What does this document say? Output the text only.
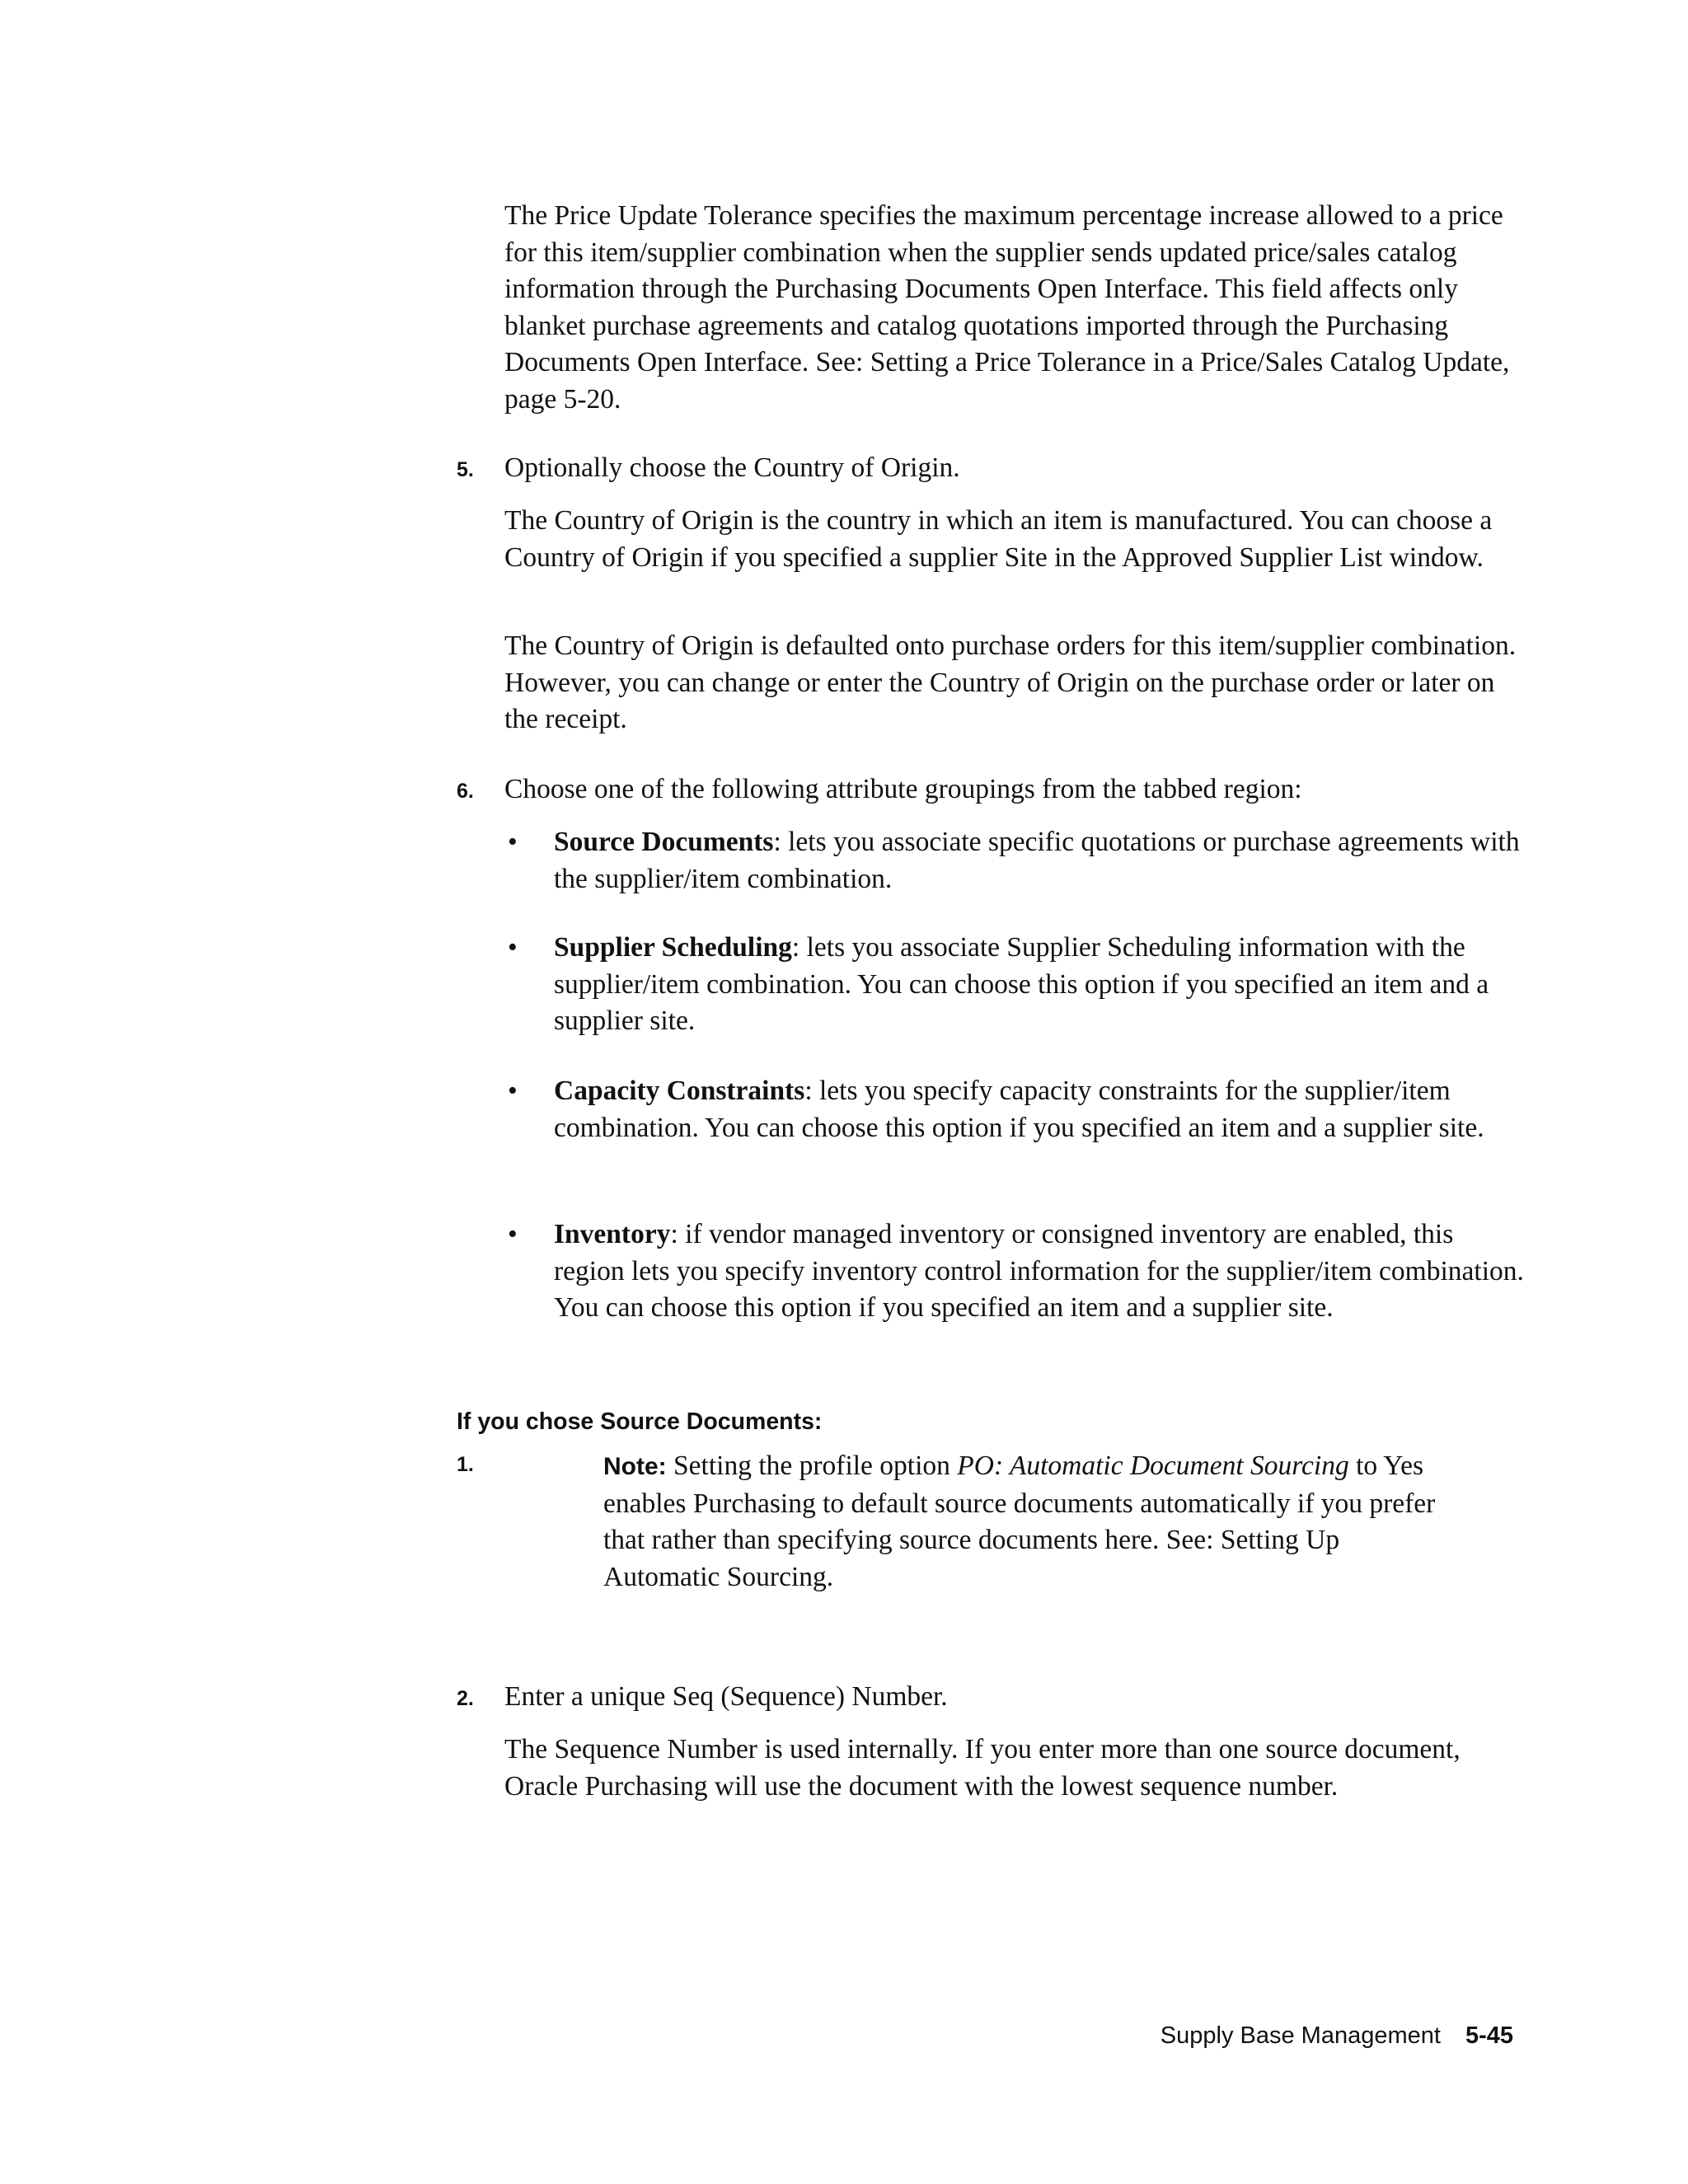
The Price Update Tolerance specifies the maximum percentage increase allowed to a price for this item/supplier combination when the supplier sends updated price/sales catalog information through the Purchasing Documents Open Interface. This field affects only blanket purchase agreements and catalog quotations imported through the Purchasing Documents Open Interface. See: Setting a Price Tolerance in a Price/Sales Catalog Update, page 5-20.

5. Optionally choose the Country of Origin.

The Country of Origin is the country in which an item is manufactured. You can choose a Country of Origin if you specified a supplier Site in the Approved Supplier List window.

The Country of Origin is defaulted onto purchase orders for this item/supplier combination. However, you can change or enter the Country of Origin on the purchase order or later on the receipt.

6. Choose one of the following attribute groupings from the tabbed region:

• Source Documents: lets you associate specific quotations or purchase agreements with the supplier/item combination.

• Supplier Scheduling: lets you associate Supplier Scheduling information with the supplier/item combination. You can choose this option if you specified an item and a supplier site.

• Capacity Constraints: lets you specify capacity constraints for the supplier/item combination. You can choose this option if you specified an item and a supplier site.

• Inventory: if vendor managed inventory or consigned inventory are enabled, this region lets you specify inventory control information for the supplier/item combination. You can choose this option if you specified an item and a supplier site.

If you chose Source Documents:
1.	Note: Setting the profile option PO: Automatic Document Sourcing to Yes enables Purchasing to default source documents automatically if you prefer that rather than specifying source documents here. See: Setting Up Automatic Sourcing.

2. Enter a unique Seq (Sequence) Number.

The Sequence Number is used internally. If you enter more than one source document, Oracle Purchasing will use the document with the lowest sequence number.

Supply Base Management 5-45
